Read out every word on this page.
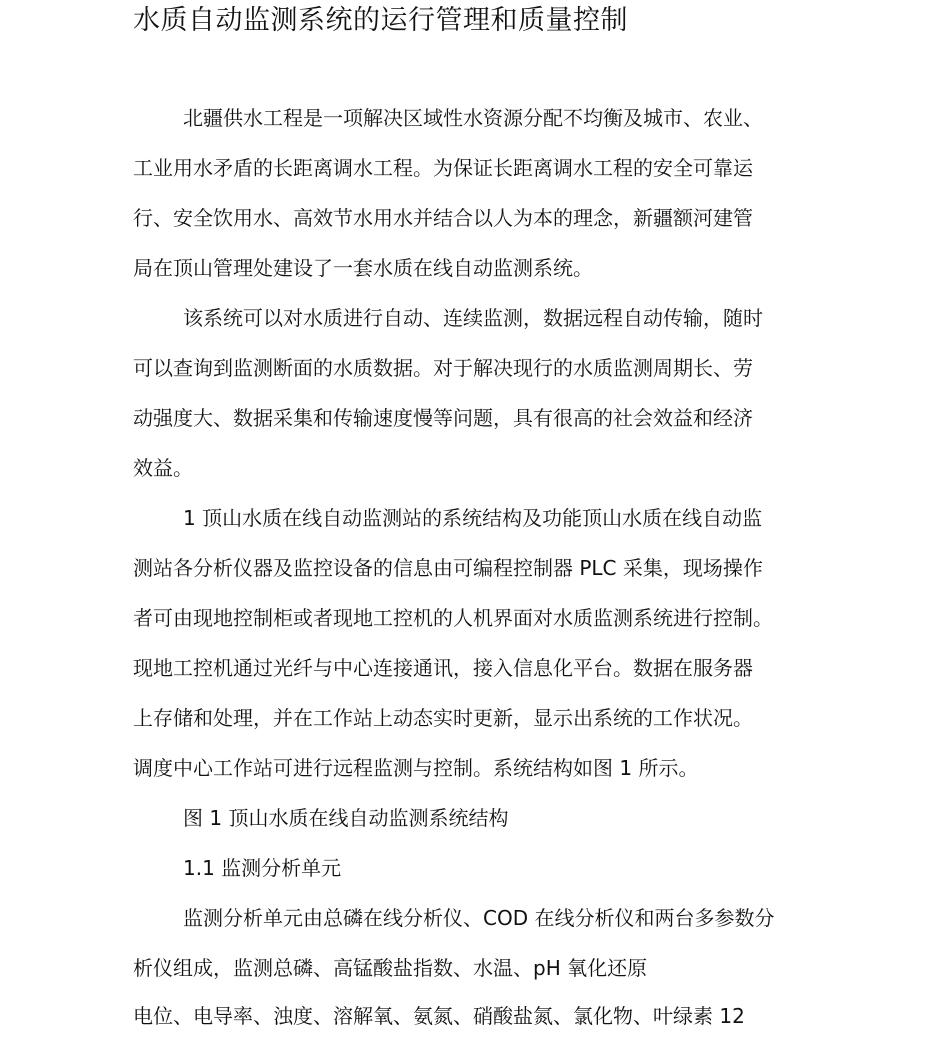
水质自动监测系统的运行管理和质量控制

北疆供水工程是一项解决区域性水资源分配不均衡及城市、农业、

工业用水矛盾的长距离调水工程。为保证长距离调水工程的安全可靠运

行、安全饮用水、高效节水用水并结合以人为本的理念，新疆额河建管

局在顶山管理处建设了一套水质在线自动监测系统。

该系统可以对水质进行自动、连续监测，数据远程自动传输，随时

可以查询到监测断面的水质数据。对于解决现行的水质监测周期长、劳

动强度大、数据采集和传输速度慢等问题，具有很高的社会效益和经济

效益。

1 顶山水质在线自动监测站的系统结构及功能顶山水质在线自动监

测站各分析仪器及监控设备的信息由可编程控制器 PLC 采集，现场操作

者可由现地控制柜或者现地工控机的人机界面对水质监测系统进行控制。

现地工控机通过光纤与中心连接通讯，接入信息化平台。数据在服务器

上存储和处理，并在工作站上动态实时更新，显示出系统的工作状况。

调度中心工作站可进行远程监测与控制。系统结构如图 1 所示。

图 1 顶山水质在线自动监测系统结构

1.1 监测分析单元

监测分析单元由总磷在线分析仪、COD 在线分析仪和两台多参数分

析仪组成，监测总磷、高锰酸盐指数、水温、pH 氧化还原

电位、电导率、浊度、溶解氧、氨氮、硝酸盐氮、氯化物、叶绿素 12
